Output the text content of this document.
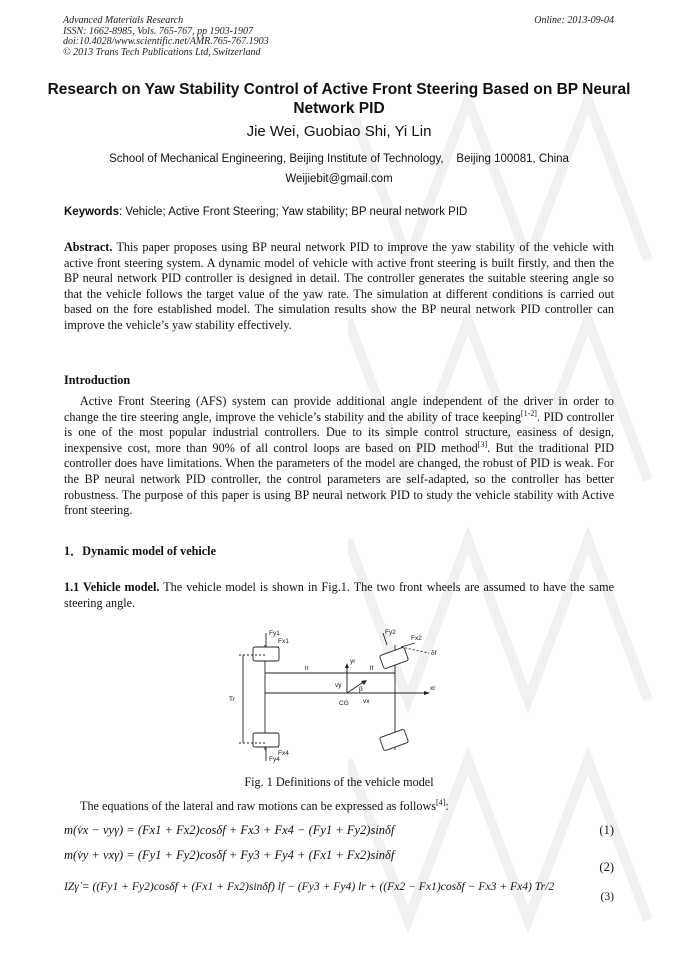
Advanced Materials Research
ISSN: 1662-8985, Vols. 765-767, pp 1903-1907
doi:10.4028/www.scientific.net/AMR.765-767.1903
© 2013 Trans Tech Publications Ltd, Switzerland
Online: 2013-09-04
Research on Yaw Stability Control of Active Front Steering Based on BP Neural Network PID
Jie Wei, Guobiao Shi, Yi Lin
School of Mechanical Engineering, Beijing Institute of Technology,    Beijing 100081, China
Weijiebit@gmail.com
Keywords: Vehicle; Active Front Steering; Yaw stability; BP neural network PID
Abstract. This paper proposes using BP neural network PID to improve the yaw stability of the vehicle with active front steering system. A dynamic model of vehicle with active front steering is built firstly, and then the BP neural network PID controller is designed in detail. The controller generates the suitable steering angle so that the vehicle follows the target value of the yaw rate. The simulation at different conditions is carried out based on the fore established model. The simulation results show the BP neural network PID controller can improve the vehicle’s yaw stability effectively.
Introduction
Active Front Steering (AFS) system can provide additional angle independent of the driver in order to change the tire steering angle, improve the vehicle’s stability and the ability of trace keeping[1-2]. PID controller is one of the most popular industrial controllers. Due to its simple control structure, easiness of design, inexpensive cost, more than 90% of all control loops are based on PID method[3]. But the traditional PID controller does have limitations. When the parameters of the model are changed, the robust of PID is weak. For the BP neural network PID controller, the control parameters are self-adapted, so the controller has better robustness. The purpose of this paper is using BP neural network PID to study the vehicle stability with Active front steering.
1．Dynamic model of vehicle
1.1 Vehicle model. The vehicle model is shown in Fig.1. The two front wheels are assumed to have the same steering angle.
Fy1
Fx1
Fy4
Fx4
Fy2
Fx2
Tr
lr	lf
yr
xr
vy
vx
β
CG
δf
Fig. 1 Definitions of the vehicle model
The equations of the lateral and raw motions can be expressed as follows[4]:
m(v̇x − vyγ) = (Fx1 + Fx2)cosδf + Fx3 + Fx4 − (Fy1 + Fy2)sinδf	(1)
m(v̇y + vxγ) = (Fy1 + Fy2)cosδf + Fy3 + Fy4 + (Fx1 + Fx2)sinδf
(2)
IZγ̇ = ((Fy1 + Fy2)cosδf + (Fx1 + Fx2)sinδf) lf − (Fy3 + Fy4) lr + ((Fx2 − Fx1)cosδf − Fx3 + Fx4) Tr/2
(3)
